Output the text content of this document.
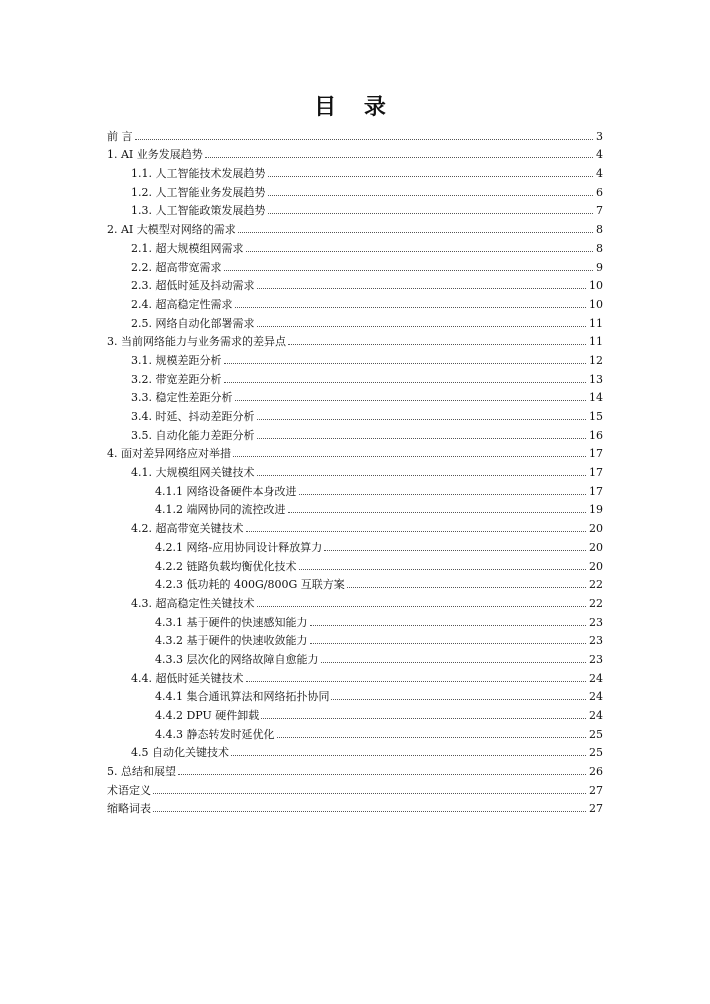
目 录
前 言	3
1. AI 业务发展趋势	4
1.1. 人工智能技术发展趋势	4
1.2. 人工智能业务发展趋势	6
1.3. 人工智能政策发展趋势	7
2. AI 大模型对网络的需求	8
2.1. 超大规模组网需求	8
2.2. 超高带宽需求	9
2.3. 超低时延及抖动需求	10
2.4. 超高稳定性需求	10
2.5. 网络自动化部署需求	11
3. 当前网络能力与业务需求的差异点	11
3.1. 规模差距分析	12
3.2. 带宽差距分析	13
3.3. 稳定性差距分析	14
3.4. 时延、抖动差距分析	15
3.5. 自动化能力差距分析	16
4. 面对差异网络应对举措	17
4.1. 大规模组网关键技术	17
4.1.1 网络设备硬件本身改进	17
4.1.2 端网协同的流控改进	19
4.2. 超高带宽关键技术	20
4.2.1 网络-应用协同设计释放算力	20
4.2.2 链路负载均衡优化技术	20
4.2.3 低功耗的 400G/800G 互联方案	22
4.3. 超高稳定性关键技术	22
4.3.1 基于硬件的快速感知能力	23
4.3.2 基于硬件的快速收敛能力	23
4.3.3 层次化的网络故障自愈能力	23
4.4. 超低时延关键技术	24
4.4.1 集合通讯算法和网络拓扑协同	24
4.4.2 DPU 硬件卸载	24
4.4.3 静态转发时延优化	25
4.5 自动化关键技术	25
5. 总结和展望	26
术语定义	27
缩略词表	27
